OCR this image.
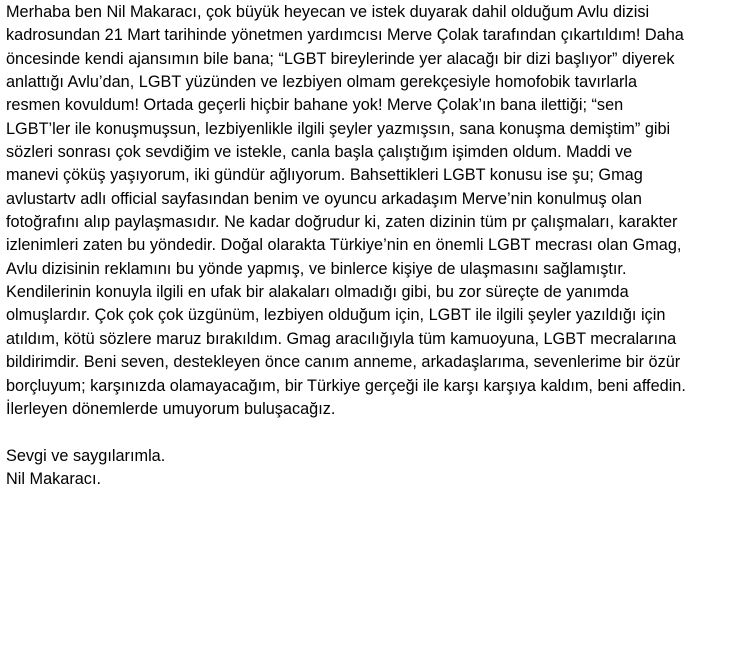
Merhaba ben Nil Makaracı, çok büyük heyecan ve istek duyarak dahil olduğum Avlu dizisi
kadrosundan 21 Mart tarihinde yönetmen yardımcısı Merve Çolak tarafından çıkartıldım! Daha
öncesinde kendi ajansımın bile bana; “LGBT bireylerinde yer alacağı bir dizi başlıyor” diyerek
anlattığı Avlu’dan, LGBT yüzünden ve lezbiyen olmam gerekçesiyle homofobik tavırlarla
resmen kovuldum! Ortada geçerli hiçbir bahane yok! Merve Çolak’ın bana ilettiği; “sen
LGBT’ler ile konuşmuşsun, lezbiyenlikle ilgili şeyler yazmışsın, sana konuşma demiştim” gibi
sözleri sonrası çok sevdiğim ve istekle, canla başla çalıştığım işimden oldum. Maddi ve
manevi çöküş yaşıyorum, iki gündür ağlıyorum. Bahsettikleri LGBT konusu ise şu; Gmag
avlustartv adlı official sayfasından benim ve oyuncu arkadaşım Merve’nin konulmuş olan
fotoğrafını alıp paylaşmasıdır. Ne kadar doğrudur ki, zaten dizinin tüm pr çalışmaları, karakter
izlenimleri zaten bu yöndedir. Doğal olarakta Türkiye’nin en önemli LGBT mecrası olan Gmag,
Avlu dizisinin reklamını bu yönde yapmış, ve binlerce kişiye de ulaşmasını sağlamıştır.
Kendilerinin konuyla ilgili en ufak bir alakaları olmadığı gibi, bu zor süreçte de yanımda
olmuşlardır. Çok çok çok üzgünüm, lezbiyen olduğum için, LGBT ile ilgili şeyler yazıldığı için
atıldım, kötü sözlere maruz bırakıldım. Gmag aracılığıyla tüm kamuoyuna, LGBT mecralarına
bildirimdir. Beni seven, destekleyen önce canım anneme, arkadaşlarıma, sevenlerime bir özür
borçluyum; karşınızda olamayacağım, bir Türkiye gerçeği ile karşı karşıya kaldım, beni affedin.
İlerleyen dönemlerde umuyorum buluşacağız.
Sevgi ve saygılarımla.
Nil Makaracı.
